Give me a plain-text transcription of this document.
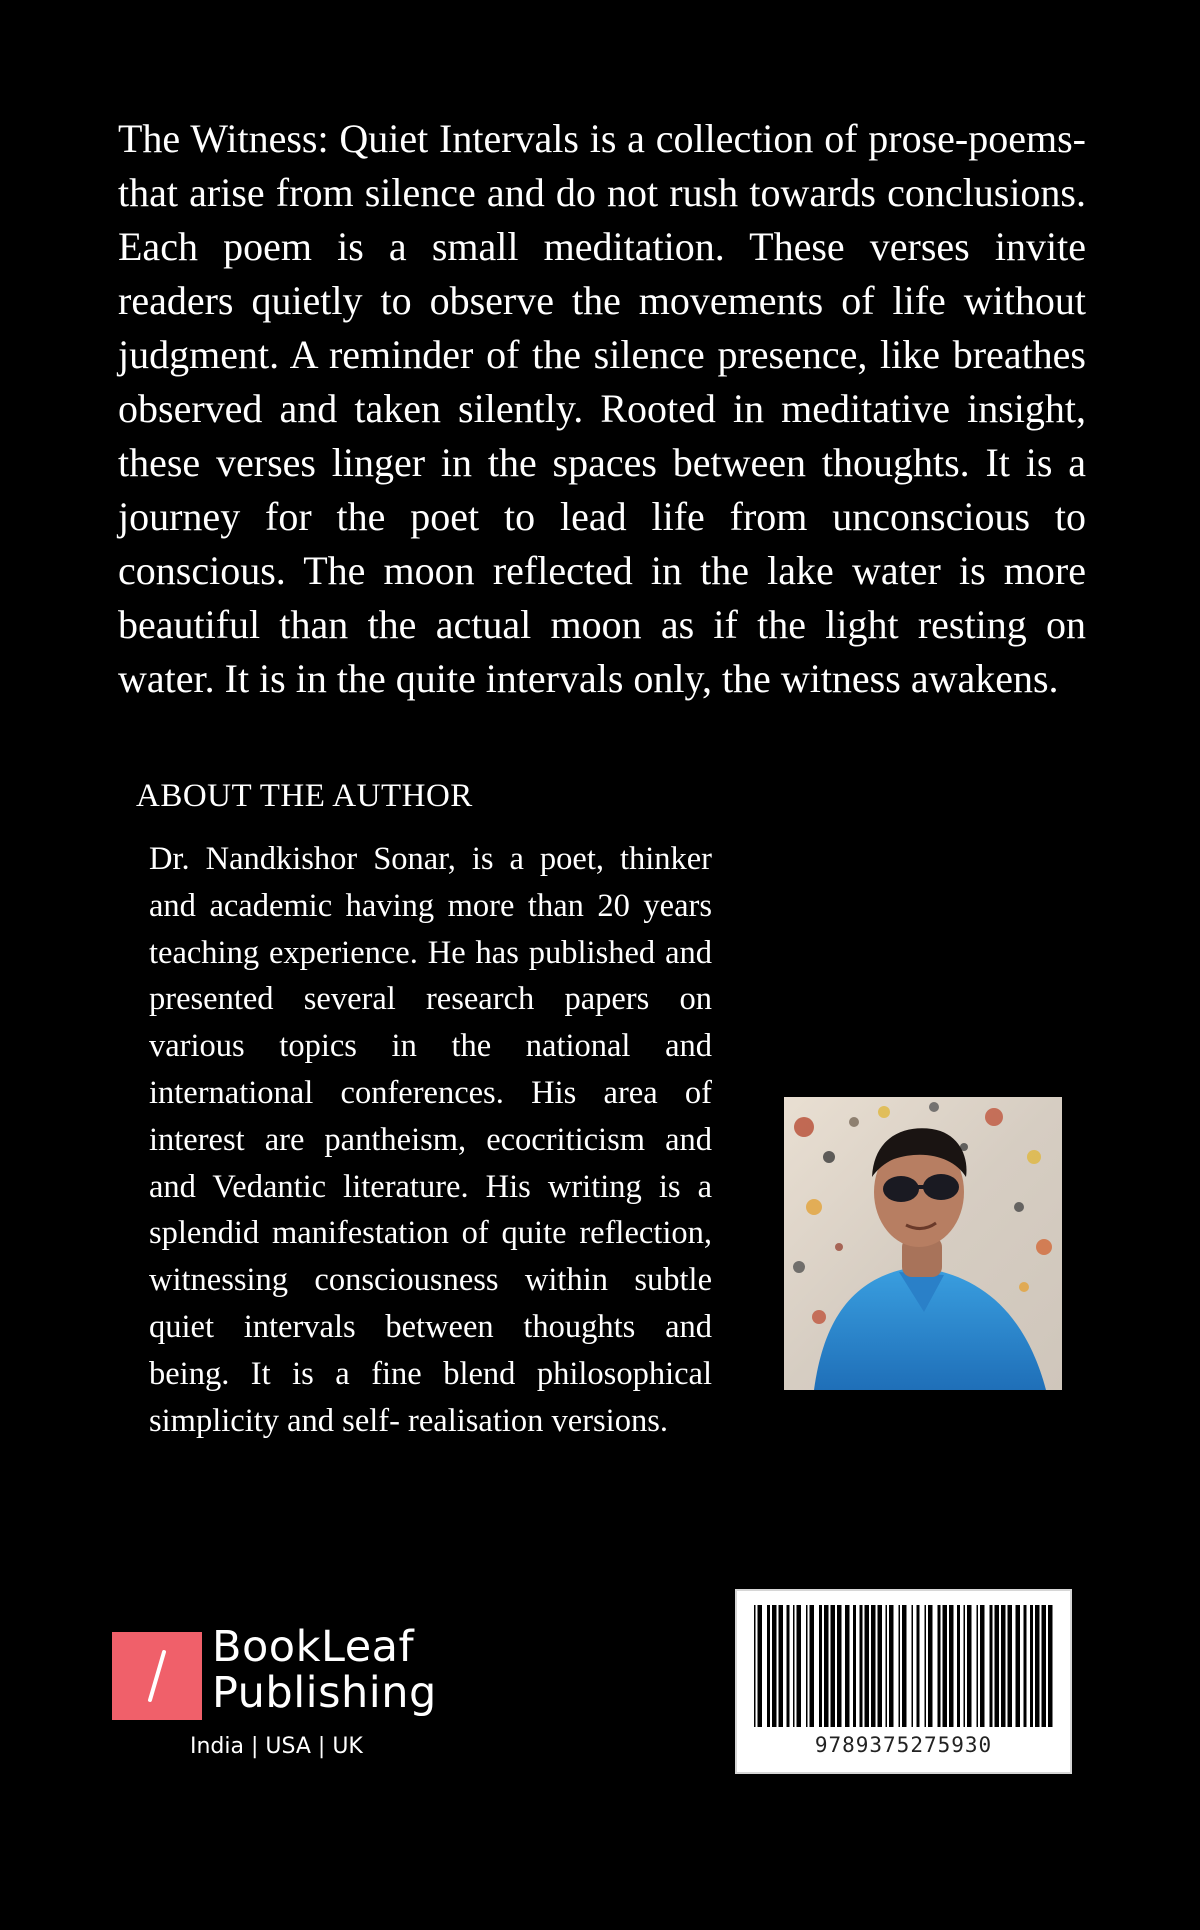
The Witness: Quiet Intervals is a collection of prose-poems- that arise from silence and do not rush towards conclusions. Each poem is a small meditation. These verses invite readers quietly to observe the movements of life without judgment. A reminder of the silence presence, like breathes observed and taken silently. Rooted in meditative insight, these verses linger in the spaces between thoughts. It is a journey for the poet to lead life from unconscious to conscious. The moon reflected in the lake water is more beautiful than the actual moon as if the light resting on water. It is in the quite intervals only, the witness awakens.

ABOUT THE AUTHOR

Dr. Nandkishor Sonar, is a poet, thinker and academic having more than 20 years teaching experience. He has published and presented several research papers on various topics in the national and international conferences. His area of interest are pantheism, ecocriticism and and Vedantic literature. His writing is a splendid manifestation of quite reflection, witnessing consciousness within subtle quiet intervals between thoughts and being. It is a fine blend philosophical simplicity and self- realisation versions.

BookLeaf
Publishing
India | USA | UK	9789375275930
